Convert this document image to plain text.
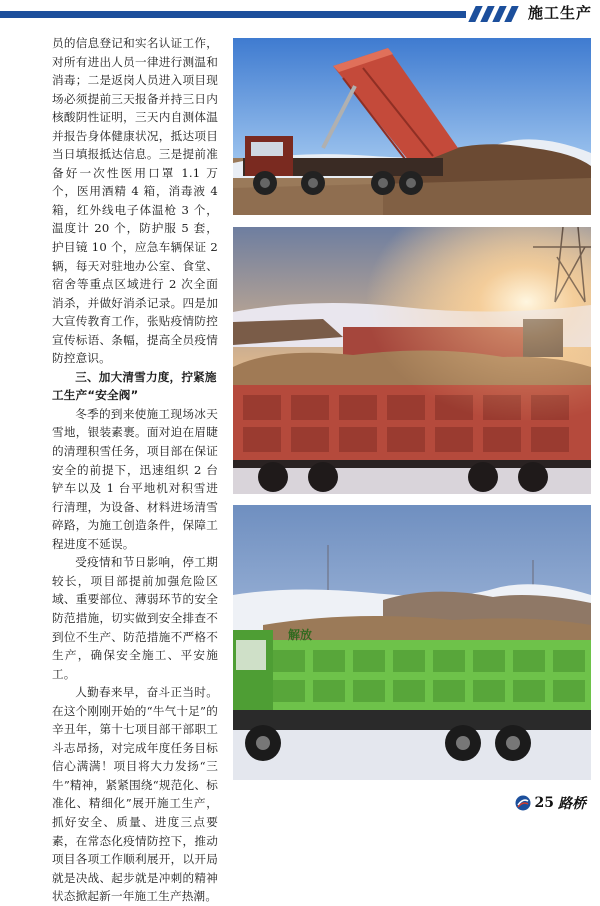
施工生产

员的信息登记和实名认证工作，对所有进出人员一律进行测温和消毒；二是返岗人员进入项目现场必须提前三天报备并持三日内核酸阴性证明，三天内自测体温并报告身体健康状况，抵达项目当日填报抵达信息。三是提前准备好一次性医用口罩 1.1 万个，医用酒精 4 箱，消毒液 4 箱，红外线电子体温枪 3 个，温度计 20 个，防护服 5 套，护目镜 10 个，应急车辆保证 2 辆，每天对驻地办公室、食堂、宿舍等重点区域进行 2 次全面消杀，并做好消杀记录。四是加大宣传教育工作，张贴疫情防控宣传标语、条幅，提高全员疫情防控意识。

三、加大清雪力度，拧紧施工生产“安全阀”

冬季的到来使施工现场冰天雪地，银装素裹。面对迫在眉睫的清理积雪任务，项目部在保证安全的前提下，迅速组织 2 台铲车以及 1 台平地机对积雪进行清理，为设备、材料进场清雪碎路，为施工创造条件，保障工程进度不延误。

受疫情和节日影响，停工期较长，项目部提前加强危险区域、重要部位、薄弱环节的安全防范措施，切实做到安全排查不到位不生产、防范措施不严格不生产，确保安全施工、平安施工。

人勤春来早，奋斗正当时。在这个刚刚开始的“牛气十足”的辛丑年，第十七项目部干部职工斗志昂扬，对完成年度任务目标信心满满！项目将大力发扬“三牛”精神，紧紧围绕“规范化、标准化、精细化”展开施工生产，抓好安全、质量、进度三点要素，在常态化疫情防控下，推动项目各项工作顺利展开，以开局就是决战、起步就是冲刺的精神状态掀起新一年施工生产热潮。

解放
25 路桥
